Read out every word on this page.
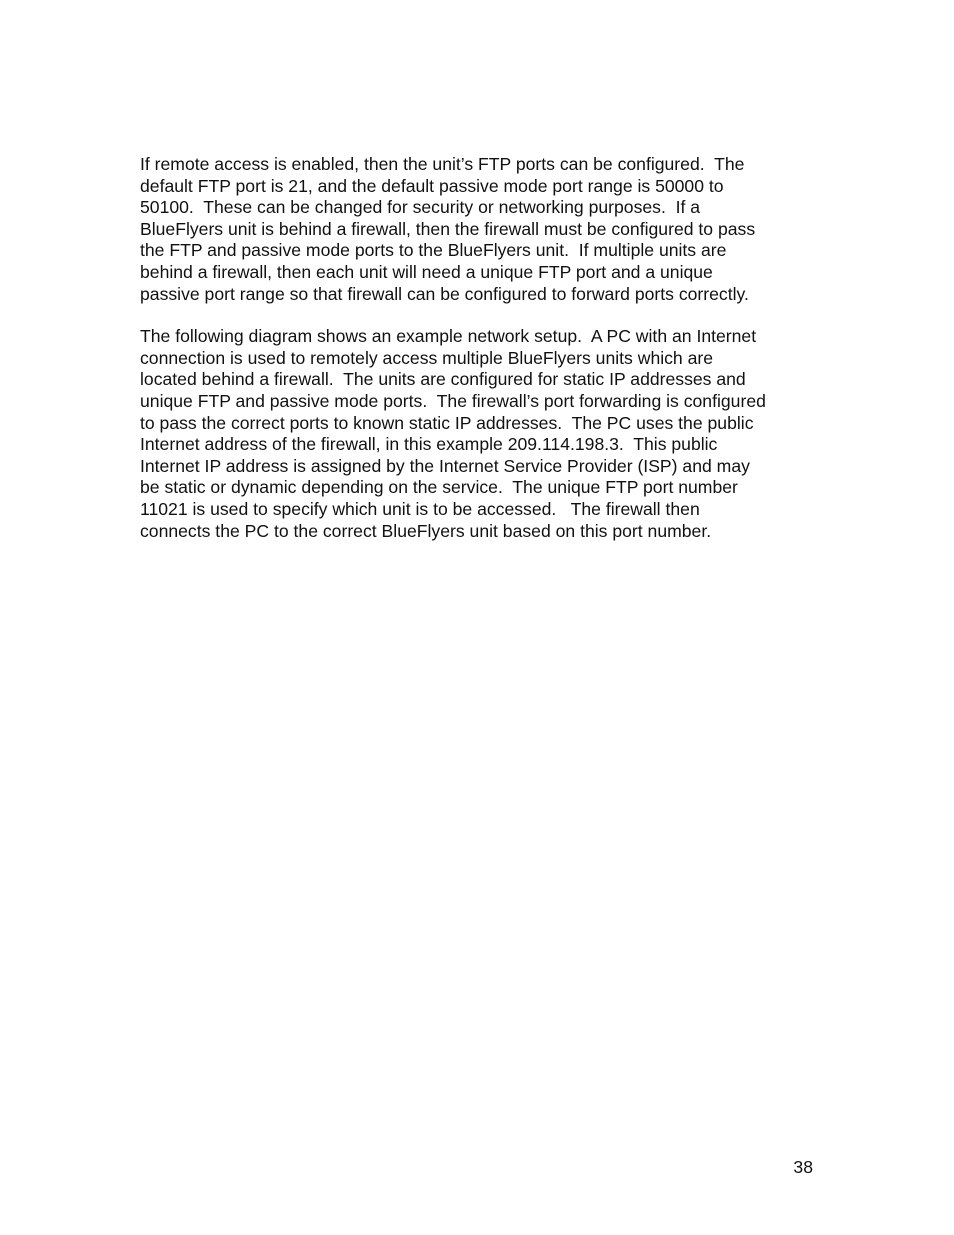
If remote access is enabled, then the unit’s FTP ports can be configured.  The
default FTP port is 21, and the default passive mode port range is 50000 to
50100.  These can be changed for security or networking purposes.  If a
BlueFlyers unit is behind a firewall, then the firewall must be configured to pass
the FTP and passive mode ports to the BlueFlyers unit.  If multiple units are
behind a firewall, then each unit will need a unique FTP port and a unique
passive port range so that firewall can be configured to forward ports correctly.

The following diagram shows an example network setup.  A PC with an Internet
connection is used to remotely access multiple BlueFlyers units which are
located behind a firewall.  The units are configured for static IP addresses and
unique FTP and passive mode ports.  The firewall’s port forwarding is configured
to pass the correct ports to known static IP addresses.  The PC uses the public
Internet address of the firewall, in this example 209.114.198.3.  This public
Internet IP address is assigned by the Internet Service Provider (ISP) and may
be static or dynamic depending on the service.  The unique FTP port number
11021 is used to specify which unit is to be accessed.   The firewall then
connects the PC to the correct BlueFlyers unit based on this port number.

38
